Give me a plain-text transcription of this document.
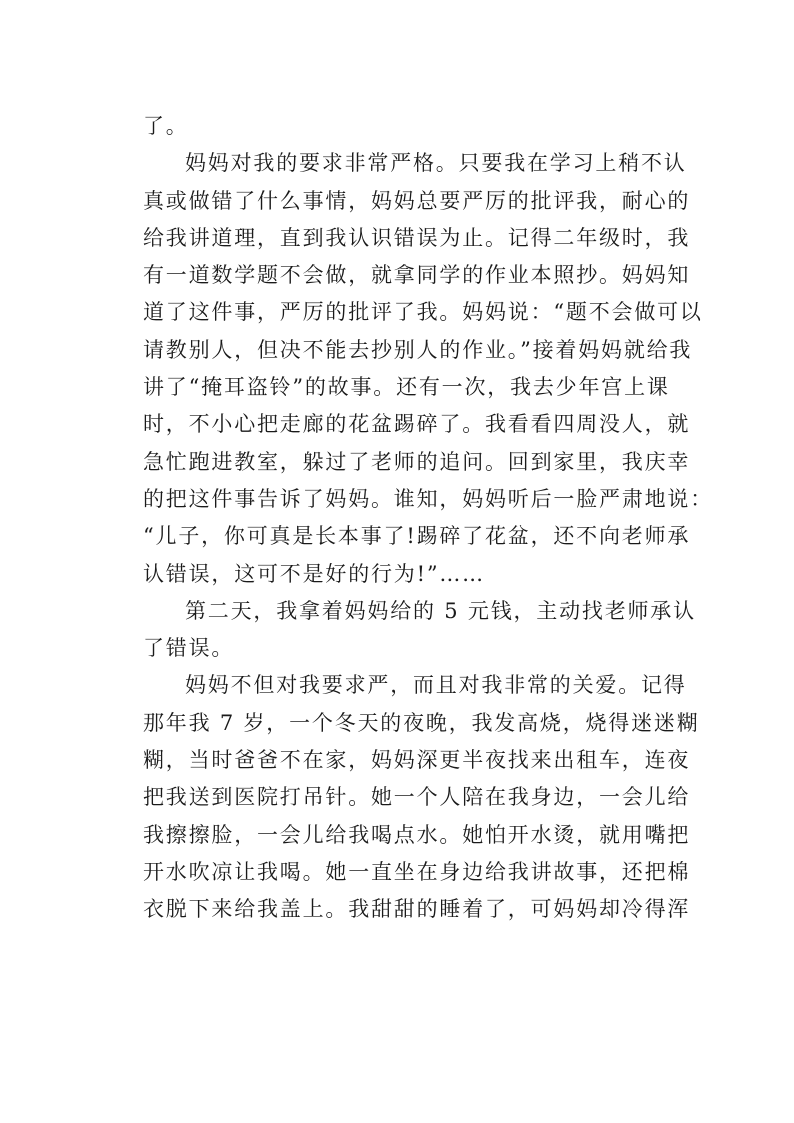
了。
妈妈对我的要求非常严格。只要我在学习上稍不认
真或做错了什么事情，妈妈总要严厉的批评我，耐心的
给我讲道理，直到我认识错误为止。记得二年级时，我
有一道数学题不会做，就拿同学的作业本照抄。妈妈知
道了这件事，严厉的批评了我。妈妈说：“题不会做可以
请教别人，但决不能去抄别人的作业。”接着妈妈就给我
讲了“掩耳盗铃”的故事。还有一次，我去少年宫上课
时，不小心把走廊的花盆踢碎了。我看看四周没人，就
急忙跑进教室，躲过了老师的追问。回到家里，我庆幸
的把这件事告诉了妈妈。谁知，妈妈听后一脸严肃地说：
“儿子，你可真是长本事了!踢碎了花盆，还不向老师承
认错误，这可不是好的行为!”……
第二天，我拿着妈妈给的 5 元钱，主动找老师承认
了错误。
妈妈不但对我要求严，而且对我非常的关爱。记得
那年我 7 岁，一个冬天的夜晚，我发高烧，烧得迷迷糊
糊，当时爸爸不在家，妈妈深更半夜找来出租车，连夜
把我送到医院打吊针。她一个人陪在我身边，一会儿给
我擦擦脸，一会儿给我喝点水。她怕开水烫，就用嘴把
开水吹凉让我喝。她一直坐在身边给我讲故事，还把棉
衣脱下来给我盖上。我甜甜的睡着了，可妈妈却冷得浑
